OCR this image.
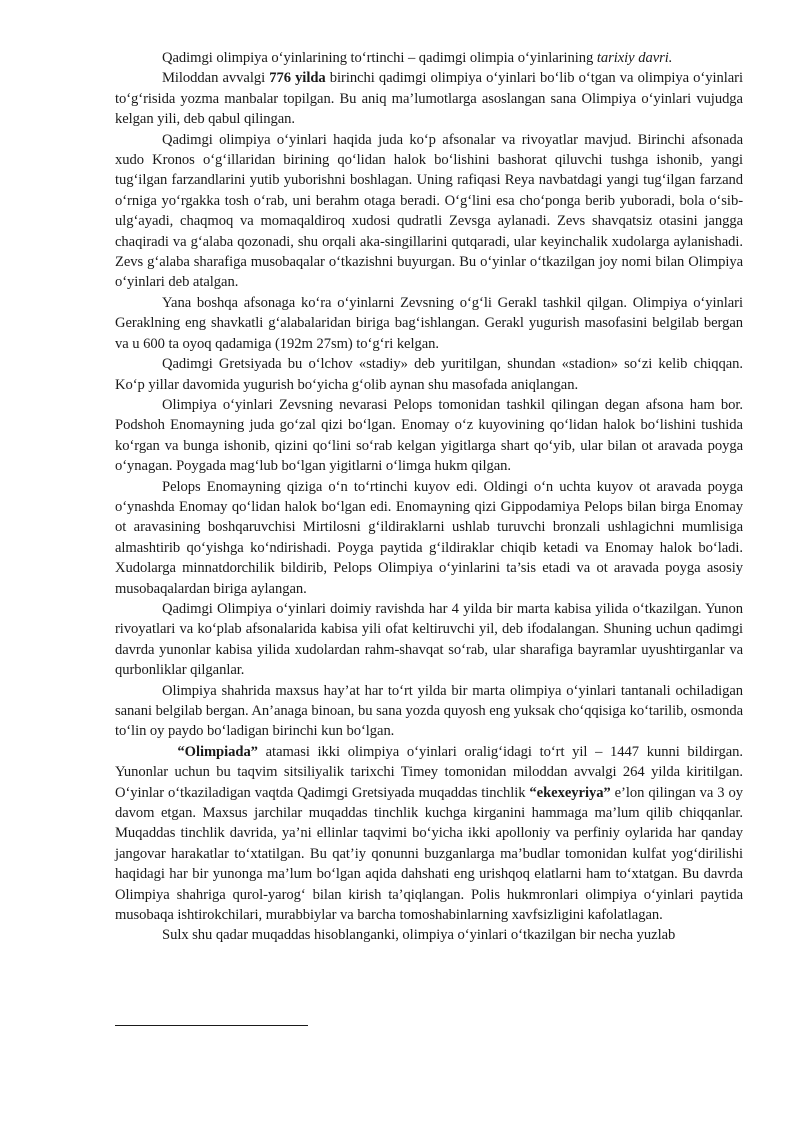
Qadimgi olimpiya o‘yinlarining to‘rtinchi – qadimgi olimpia o‘yinlarining tarixiy davri.

Miloddan avvalgi 776 yilda birinchi qadimgi olimpiya o‘yinlari bo‘lib o‘tgan va olimpiya o‘yinlari to‘g‘risida yozma manbalar topilgan. Bu aniq ma’lumotlarga asoslangan sana Olimpiya o‘yinlari vujudga kelgan yili, deb qabul qilingan.

Qadimgi olimpiya o‘yinlari haqida juda ko‘p afsonalar va rivoyatlar mavjud. Birinchi afsonada xudo Kronos o‘g‘illaridan birining qo‘lidan halok bo‘lishini bashorat qiluvchi tushga ishonib, yangi tug‘ilgan farzandlarini yutib yuborishni boshlagan. Uning rafiqasi Reya navbatdagi yangi tug‘ilgan farzand o‘rniga yo‘rgakka tosh o‘rab, uni berahm otaga beradi. O‘g‘lini esa cho‘ponga berib yuboradi, bola o‘sib-ulg‘ayadi, chaqmoq va momaqaldiroq xudosi qudratli Zevsga aylanadi. Zevs shavqatsiz otasini jangga chaqiradi va g‘alaba qozonadi, shu orqali aka-singillarini qutqaradi, ular keyinchalik xudolarga aylanishadi. Zevs g‘alaba sharafiga musobaqalar o‘tkazishni buyurgan. Bu o‘yinlar o‘tkazilgan joy nomi bilan Olimpiya o‘yinlari deb atalgan.

Yana boshqa afsonaga ko‘ra o‘yinlarni Zevsning o‘g‘li Gerakl tashkil qilgan. Olimpiya o‘yinlari Geraklning eng shavkatli g‘alabalaridan biriga bag‘ishlangan. Gerakl yugurish masofasini belgilab bergan va u 600 ta oyoq qadamiga (192m 27sm) to‘g‘ri kelgan.

Qadimgi Gretsiyada bu o‘lchov «stadiy» deb yuritilgan, shundan «stadion» so‘zi kelib chiqqan. Ko‘p yillar davomida yugurish bo‘yicha g‘olib aynan shu masofada aniqlangan.

Olimpiya o‘yinlari Zevsning nevarasi Pelops tomonidan tashkil qilingan degan afsona ham bor. Podshoh Enomayning juda go‘zal qizi bo‘lgan. Enomay o‘z kuyovining qo‘lidan halok bo‘lishini tushida ko‘rgan va bunga ishonib, qizini qo‘lini so‘rab kelgan yigitlarga shart qo‘yib, ular bilan ot aravada poyga o‘ynagan. Poygada mag‘lub bo‘lgan yigitlarni o‘limga hukm qilgan.

Pelops Enomayning qiziga o‘n to‘rtinchi kuyov edi. Oldingi o‘n uchta kuyov ot aravada poyga o‘ynashda Enomay qo‘lidan halok bo‘lgan edi. Enomayning qizi Gippodamiya Pelops bilan birga Enomay ot aravasining boshqaruvchisi Mirtilosni g‘ildiraklarni ushlab turuvchi bronzali ushlagichni mumlisiga almashtirib qo‘yishga ko‘ndirishadi. Poyga paytida g‘ildiraklar chiqib ketadi va Enomay halok bo‘ladi. Xudolarga minnatdorchilik bildirib, Pelops Olimpiya o‘yinlarini ta’sis etadi va ot aravada poyga asosiy musobaqalardan biriga aylangan.

Qadimgi Olimpiya o‘yinlari doimiy ravishda har 4 yilda bir marta kabisa yilida o‘tkazilgan. Yunon rivoyatlari va ko‘plab afsonalarida kabisa yili ofat keltiruvchi yil, deb ifodalangan. Shuning uchun qadimgi davrda yunonlar kabisa yilida xudolardan rahm-shavqat so‘rab, ular sharafiga bayramlar uyushtirganlar va qurbonliklar qilganlar.

Olimpiya shahrida maxsus hay’at har to‘rt yilda bir marta olimpiya o‘yinlari tantanali ochiladigan sanani belgilab bergan. An’anaga binoan, bu sana yozda quyosh eng yuksak cho‘qqisiga ko‘tarilib, osmonda to‘lin oy paydo bo‘ladigan birinchi kun bo‘lgan.

“Olimpiada” atamasi ikki olimpiya o‘yinlari oralig‘idagi to‘rt yil – 1447 kunni bildirgan. Yunonlar uchun bu taqvim sitsiliyalik tarixchi Timey tomonidan miloddan avvalgi 264 yilda kiritilgan. O‘yinlar o‘tkaziladigan vaqtda Qadimgi Gretsiyada muqaddas tinchlik “ekexeyriya” e’lon qilingan va 3 oy davom etgan. Maxsus jarchilar muqaddas tinchlik kuchga kirganini hammaga ma’lum qilib chiqqanlar. Muqaddas tinchlik davrida, ya’ni ellinlar taqvimi bo‘yicha ikki apolloniy va perfiniy oylarida har qanday jangovar harakatlar to‘xtatilgan. Bu qat’iy qonunni buzganlarga ma’budlar tomonidan kulfat yog‘dirilishi haqidagi har bir yunonga ma’lum bo‘lgan aqida dahshati eng urishqoq elatlarni ham to‘xtatgan. Bu davrda Olimpiya shahriga qurol-yarog‘ bilan kirish ta’qiqlangan. Polis hukmronlari olimpiya o‘yinlari paytida musobaqa ishtirokchilari, murabbiylar va barcha tomoshabinlarning xavfsizligini kafolatlagan.

Sulx shu qadar muqaddas hisoblanganki, olimpiya o‘yinlari o‘tkazilgan bir necha yuzlab
